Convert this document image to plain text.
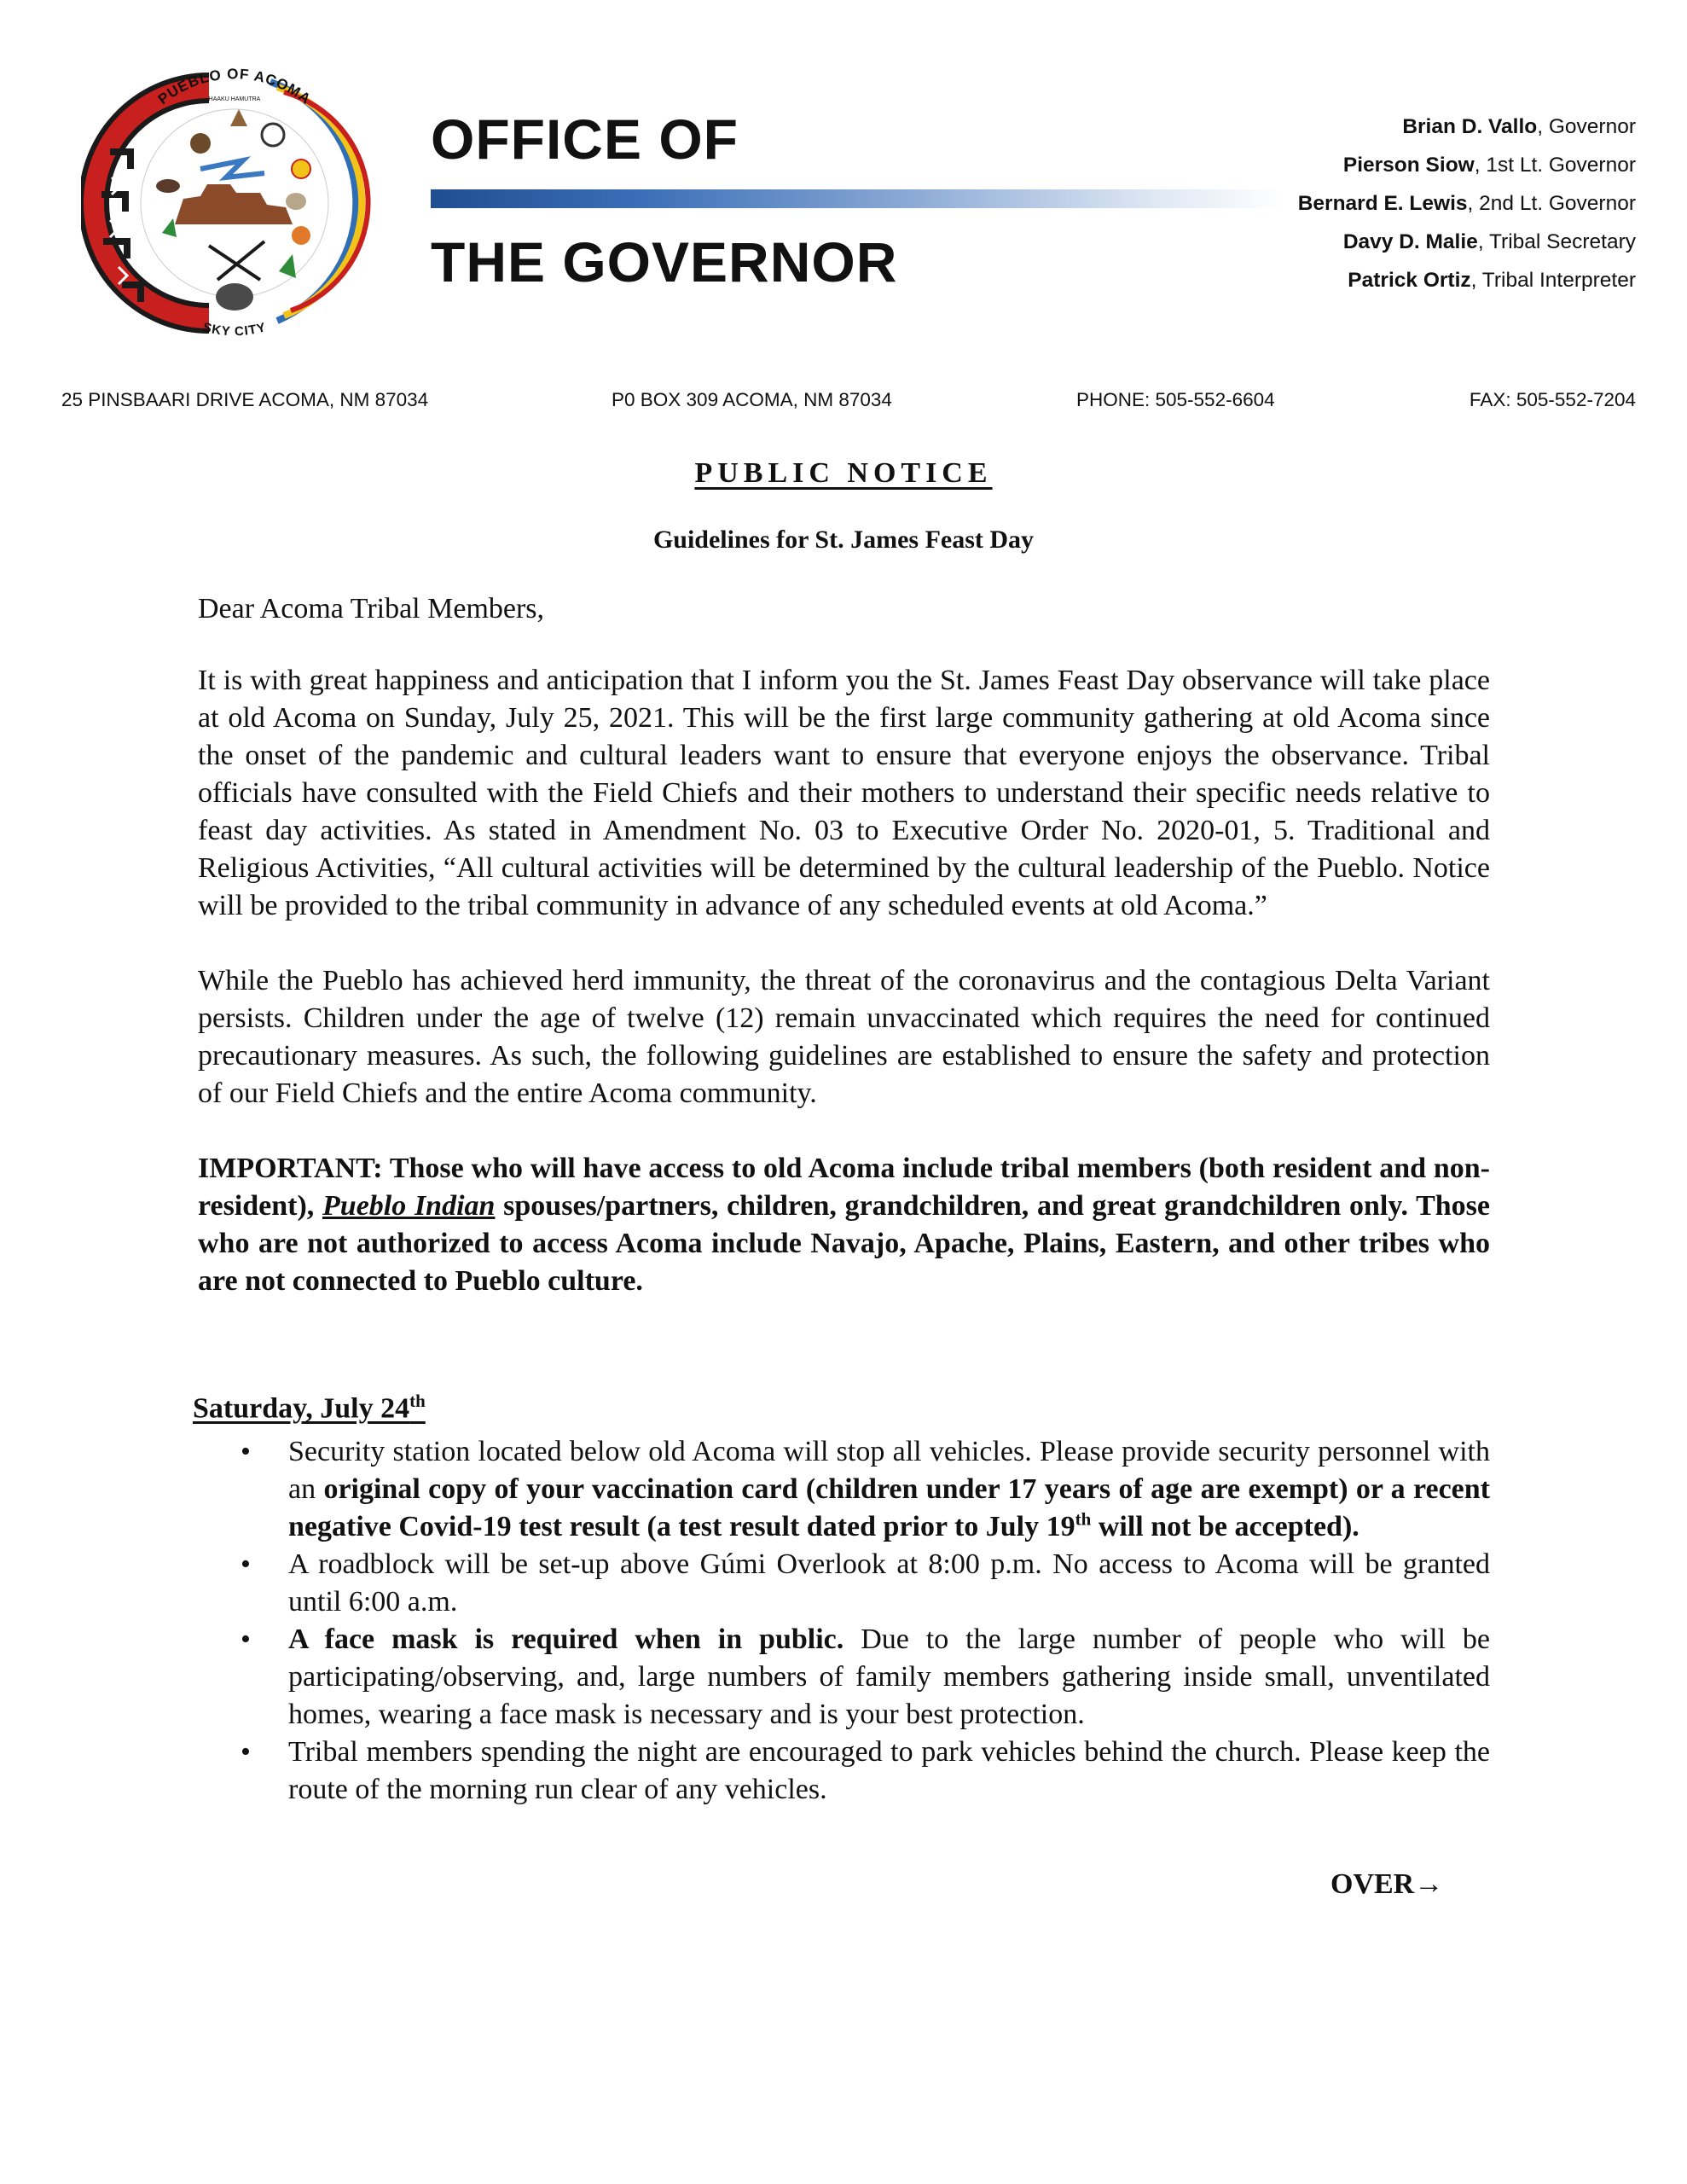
PUEBLO OF ACOMA
HAAKU HAMUTRA
SKY CITY
OFFICE OF
THE GOVERNOR
Brian D. Vallo, Governor
Pierson Siow, 1st Lt. Governor
Bernard E. Lewis, 2nd Lt. Governor
Davy D. Malie, Tribal Secretary
Patrick Ortiz, Tribal Interpreter
25 PINSBAARI DRIVE ACOMA, NM 87034	P0 BOX 309 ACOMA, NM 87034	PHONE: 505-552-6604	FAX: 505-552-7204
PUBLIC NOTICE
Guidelines for St. James Feast Day

Dear Acoma Tribal Members,

It is with great happiness and anticipation that I inform you the St. James Feast Day observance will take place at old Acoma on Sunday, July 25, 2021. This will be the first large community gathering at old Acoma since the onset of the pandemic and cultural leaders want to ensure that everyone enjoys the observance. Tribal officials have consulted with the Field Chiefs and their mothers to understand their specific needs relative to feast day activities. As stated in Amendment No. 03 to Executive Order No. 2020-01, 5. Traditional and Religious Activities, “All cultural activities will be determined by the cultural leadership of the Pueblo. Notice will be provided to the tribal community in advance of any scheduled events at old Acoma.”

While the Pueblo has achieved herd immunity, the threat of the coronavirus and the contagious Delta Variant persists. Children under the age of twelve (12) remain unvaccinated which requires the need for continued precautionary measures. As such, the following guidelines are established to ensure the safety and protection of our Field Chiefs and the entire Acoma community.

IMPORTANT: Those who will have access to old Acoma include tribal members (both resident and non-resident), Pueblo Indian spouses/partners, children, grandchildren, and great grandchildren only. Those who are not authorized to access Acoma include Navajo, Apache, Plains, Eastern, and other tribes who are not connected to Pueblo culture.

Saturday, July 24th
• Security station located below old Acoma will stop all vehicles. Please provide security personnel with an original copy of your vaccination card (children under 17 years of age are exempt) or a recent negative Covid-19 test result (a test result dated prior to July 19th will not be accepted).
• A roadblock will be set-up above Gúmi Overlook at 8:00 p.m. No access to Acoma will be granted until 6:00 a.m.
• A face mask is required when in public. Due to the large number of people who will be participating/observing, and, large numbers of family members gathering inside small, unventilated homes, wearing a face mask is necessary and is your best protection.
• Tribal members spending the night are encouraged to park vehicles behind the church. Please keep the route of the morning run clear of any vehicles.
OVER→
